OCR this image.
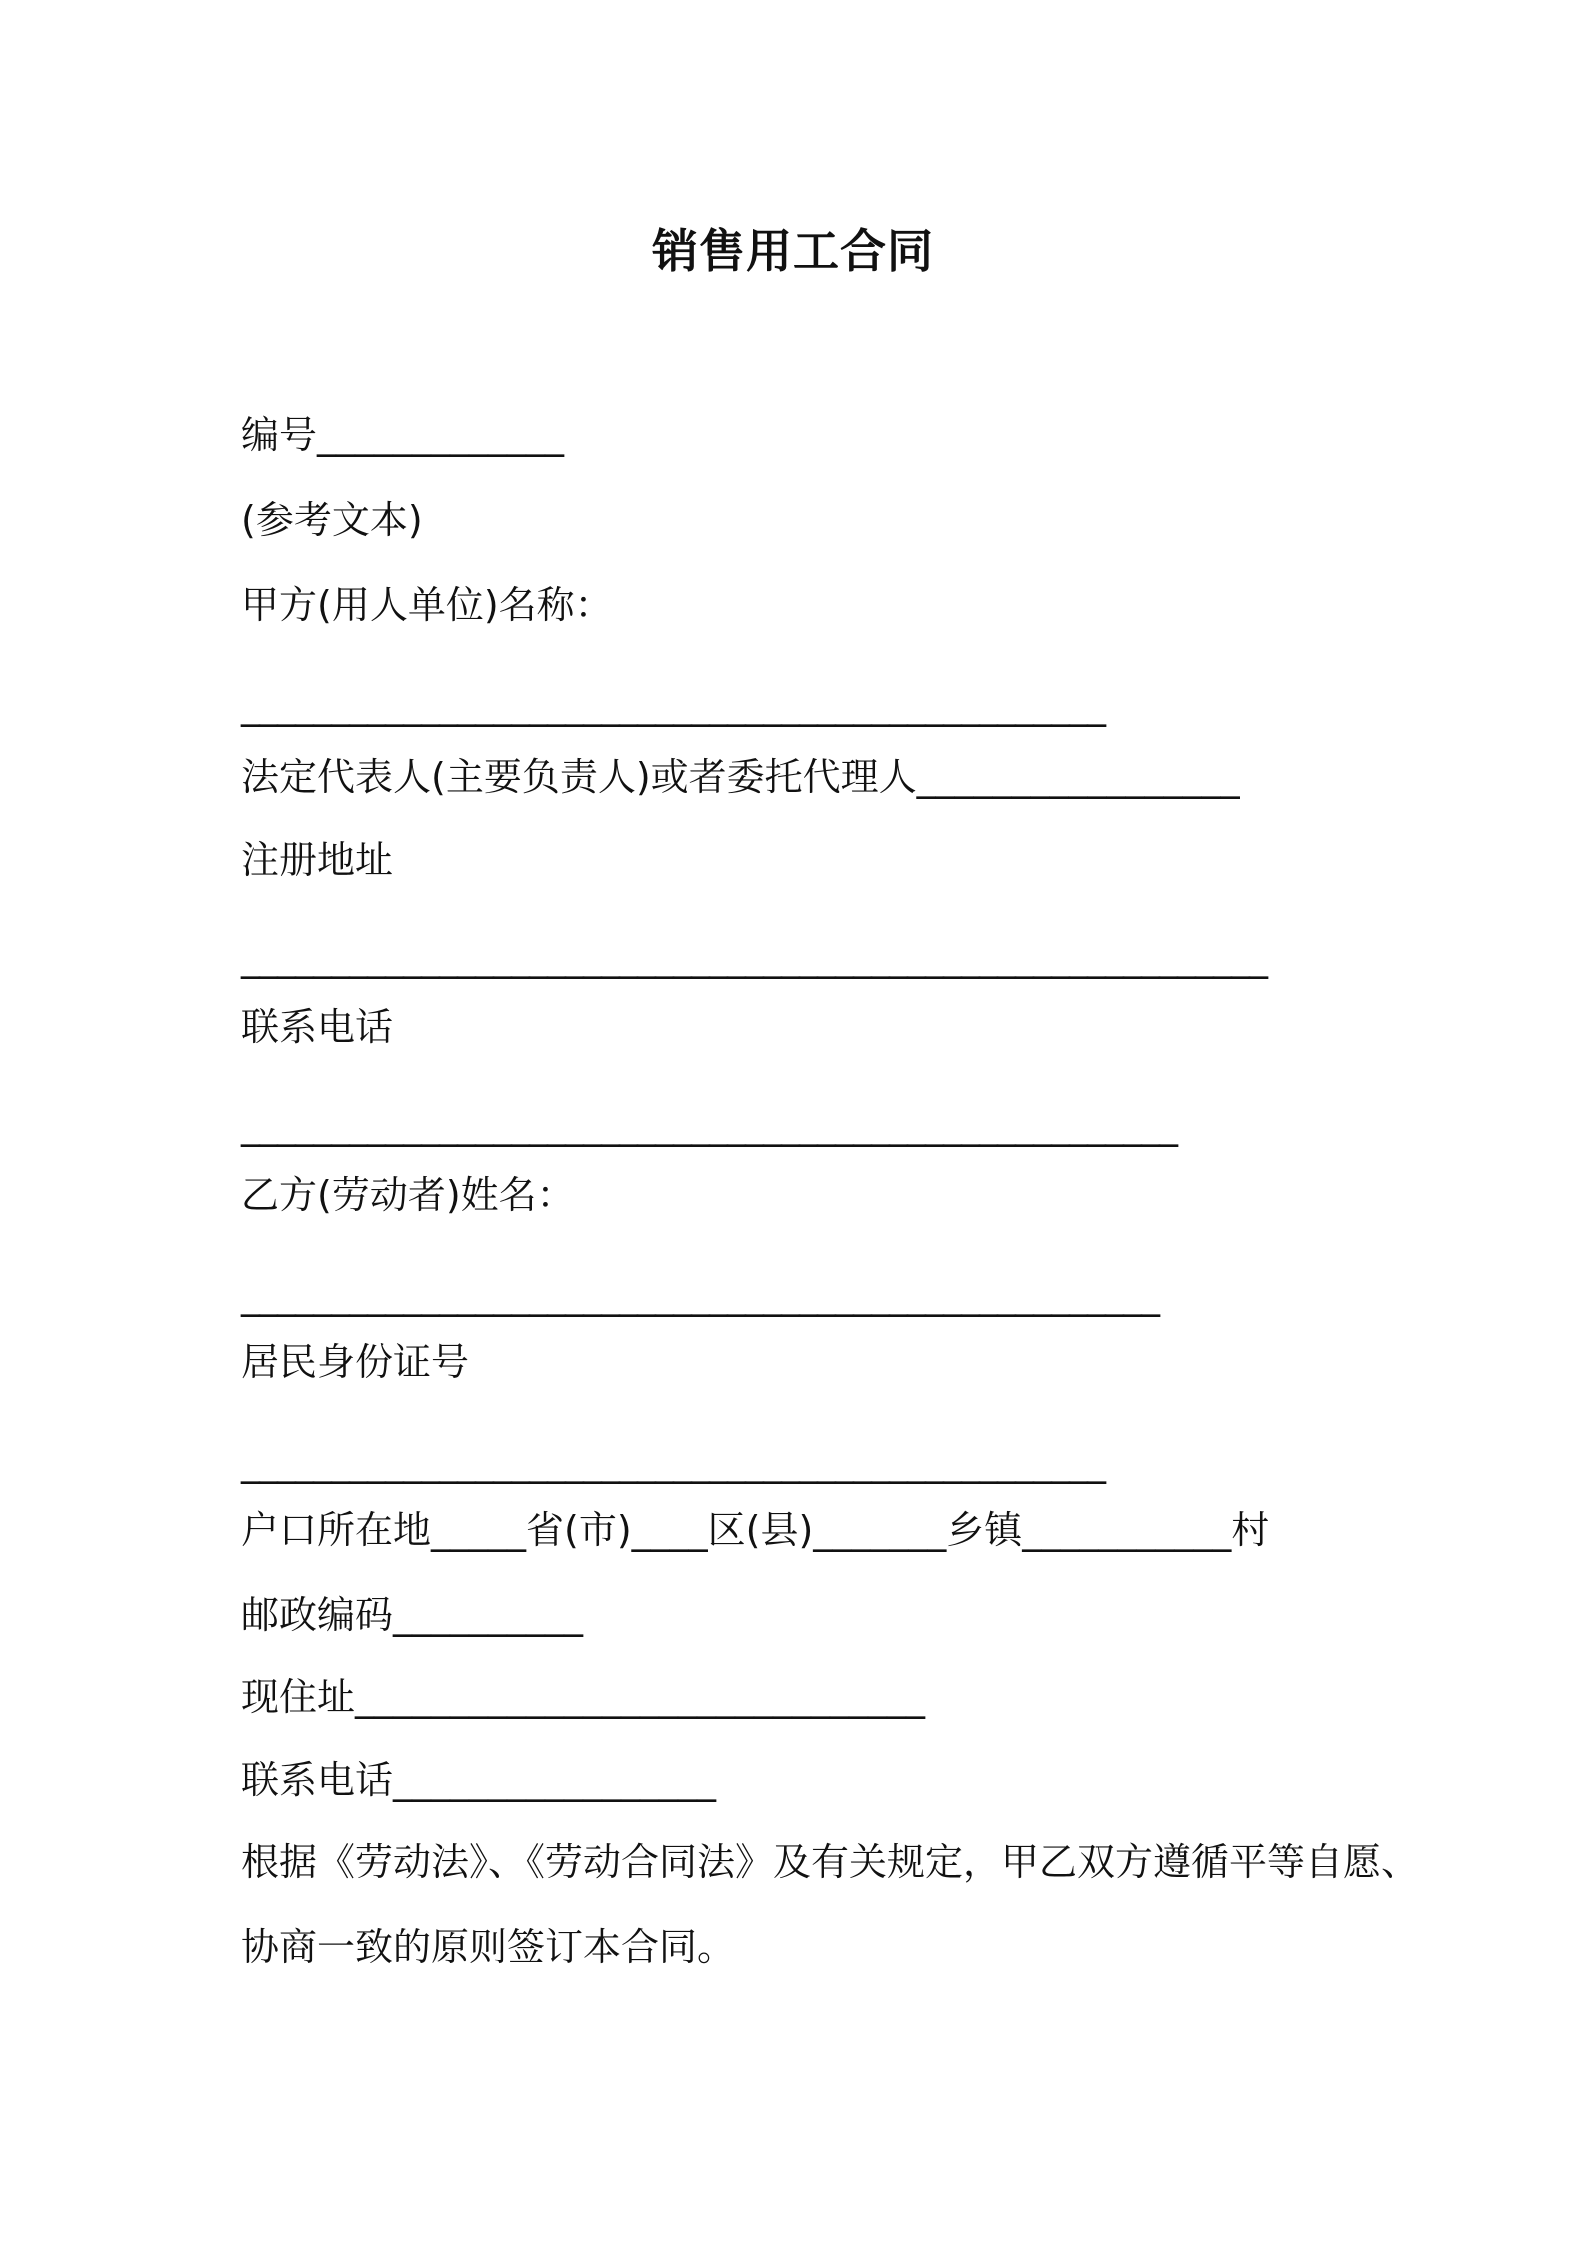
销售用工合同

编号_____________

(参考文本)

甲方(用人单位)名称：

________________________________________________

法定代表人(主要负责人)或者委托代理人_________________

注册地址

_________________________________________________________

联系电话

____________________________________________________

乙方(劳动者)姓名：

___________________________________________________

居民身份证号

________________________________________________

户口所在地_____省(市)____区(县)_______乡镇___________村

邮政编码__________

现住址______________________________

联系电话_________________

根据《劳动法》、《劳动合同法》及有关规定，甲乙双方遵循平等自愿、

协商一致的原则签订本合同。
